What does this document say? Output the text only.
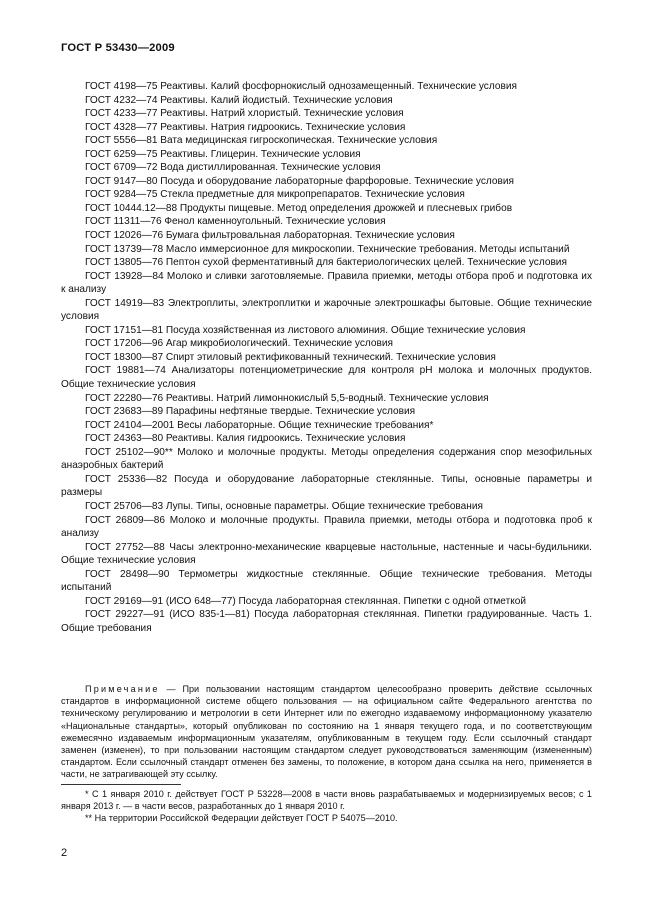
ГОСТ Р 53430—2009

ГОСТ 4198—75 Реактивы. Калий фосфорнокислый однозамещенный. Технические условия

ГОСТ 4232—74 Реактивы. Калий йодистый. Технические условия

ГОСТ 4233—77 Реактивы. Натрий хлористый. Технические условия

ГОСТ 4328—77 Реактивы. Натрия гидроокись. Технические условия

ГОСТ 5556—81 Вата медицинская гигроскопическая. Технические условия

ГОСТ 6259—75 Реактивы. Глицерин. Технические условия

ГОСТ 6709—72 Вода дистиллированная. Технические условия

ГОСТ 9147—80 Посуда и оборудование лабораторные фарфоровые. Технические условия

ГОСТ 9284—75 Стекла предметные для микропрепаратов. Технические условия

ГОСТ 10444.12—88 Продукты пищевые. Метод определения дрожжей и плесневых грибов

ГОСТ 11311—76 Фенол каменноугольный. Технические условия

ГОСТ 12026—76 Бумага фильтровальная лабораторная. Технические условия

ГОСТ 13739—78 Масло иммерсионное для микроскопии. Технические требования. Методы испытаний

ГОСТ 13805—76 Пептон сухой ферментативный для бактериологических целей. Технические условия

ГОСТ 13928—84 Молоко и сливки заготовляемые. Правила приемки, методы отбора проб и подготовка их к анализу

ГОСТ 14919—83 Электроплиты, электроплитки и жарочные электрошкафы бытовые. Общие технические условия

ГОСТ 17151—81 Посуда хозяйственная из листового алюминия. Общие технические условия

ГОСТ 17206—96 Агар микробиологический. Технические условия

ГОСТ 18300—87 Спирт этиловый ректификованный технический. Технические условия

ГОСТ 19881—74 Анализаторы потенциометрические для контроля pH молока и молочных продуктов. Общие технические условия

ГОСТ 22280—76 Реактивы. Натрий лимоннокислый 5,5-водный. Технические условия

ГОСТ 23683—89 Парафины нефтяные твердые. Технические условия

ГОСТ 24104—2001 Весы лабораторные. Общие технические требования*

ГОСТ 24363—80 Реактивы. Калия гидроокись. Технические условия

ГОСТ 25102—90** Молоко и молочные продукты. Методы определения содержания спор мезофильных анаэробных бактерий

ГОСТ 25336—82 Посуда и оборудование лабораторные стеклянные. Типы, основные параметры и размеры

ГОСТ 25706—83 Лупы. Типы, основные параметры. Общие технические требования

ГОСТ 26809—86 Молоко и молочные продукты. Правила приемки, методы отбора и подготовка проб к анализу

ГОСТ 27752—88 Часы электронно-механические кварцевые настольные, настенные и часы-будильники. Общие технические условия

ГОСТ 28498—90 Термометры жидкостные стеклянные. Общие технические требования. Методы испытаний

ГОСТ 29169—91 (ИСО 648—77) Посуда лабораторная стеклянная. Пипетки с одной отметкой

ГОСТ 29227—91 (ИСО 835-1—81) Посуда лабораторная стеклянная. Пипетки градуированные. Часть 1. Общие требования

Примечание — При пользовании настоящим стандартом целесообразно проверить действие ссылочных стандартов в информационной системе общего пользования — на официальном сайте Федерального агентства по техническому регулированию и метрологии в сети Интернет или по ежегодно издаваемому информационному указателю «Национальные стандарты», который опубликован по состоянию на 1 января текущего года, и по соответствующим ежемесячно издаваемым информационным указателям, опубликованным в текущем году. Если ссылочный стандарт заменен (изменен), то при пользовании настоящим стандартом следует руководствоваться заменяющим (измененным) стандартом. Если ссылочный стандарт отменен без замены, то положение, в котором дана ссылка на него, применяется в части, не затрагивающей эту ссылку.

* С 1 января 2010 г. действует ГОСТ Р 53228—2008 в части вновь разрабатываемых и модернизируемых весов; с 1 января 2013 г. — в части весов, разработанных до 1 января 2010 г.

** На территории Российской Федерации действует ГОСТ Р 54075—2010.

2
